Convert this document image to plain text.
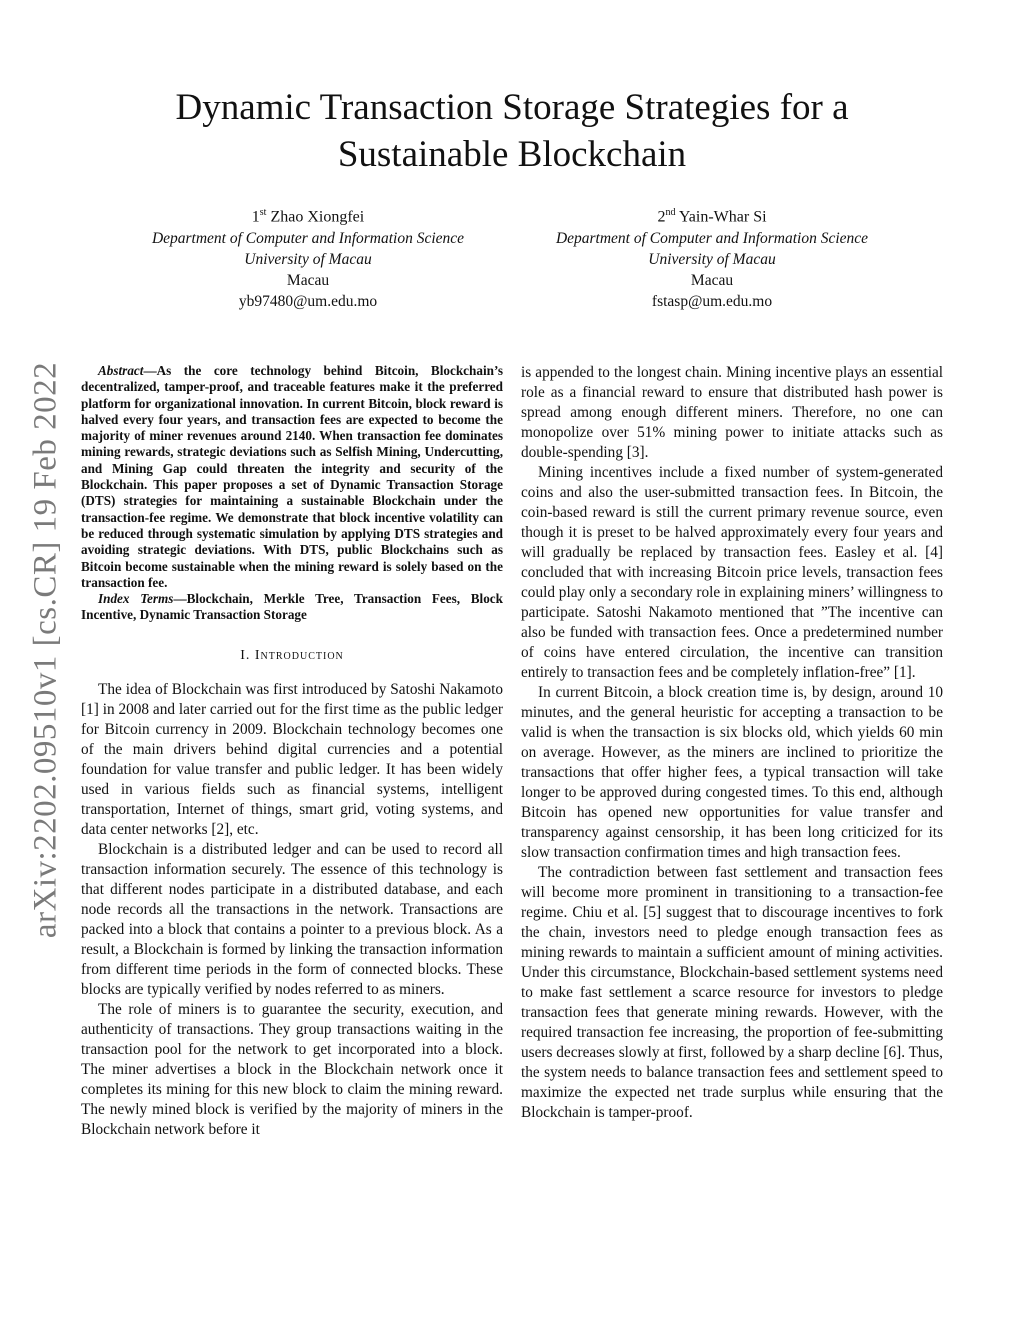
arXiv:2202.09510v1 [cs.CR] 19 Feb 2022
Dynamic Transaction Storage Strategies for a Sustainable Blockchain
1st Zhao Xiongfei
Department of Computer and Information Science
University of Macau
Macau
yb97480@um.edu.mo
2nd Yain-Whar Si
Department of Computer and Information Science
University of Macau
Macau
fstasp@um.edu.mo

Abstract—As the core technology behind Bitcoin, Blockchain’s decentralized, tamper-proof, and traceable features make it the preferred platform for organizational innovation. In current Bitcoin, block reward is halved every four years, and transaction fees are expected to become the majority of miner revenues around 2140. When transaction fee dominates mining rewards, strategic deviations such as Selfish Mining, Undercutting, and Mining Gap could threaten the integrity and security of the Blockchain. This paper proposes a set of Dynamic Transaction Storage (DTS) strategies for maintaining a sustainable Blockchain under the transaction-fee regime. We demonstrate that block incentive volatility can be reduced through systematic simulation by applying DTS strategies and avoiding strategic deviations. With DTS, public Blockchains such as Bitcoin become sustainable when the mining reward is solely based on the transaction fee.

Index Terms—Blockchain, Merkle Tree, Transaction Fees, Block Incentive, Dynamic Transaction Storage

I. Introduction

The idea of Blockchain was first introduced by Satoshi Nakamoto [1] in 2008 and later carried out for the first time as the public ledger for Bitcoin currency in 2009. Blockchain technology becomes one of the main drivers behind digital currencies and a potential foundation for value transfer and public ledger. It has been widely used in various fields such as financial systems, intelligent transportation, Internet of things, smart grid, voting systems, and data center networks [2], etc.

Blockchain is a distributed ledger and can be used to record all transaction information securely. The essence of this technology is that different nodes participate in a distributed database, and each node records all the transactions in the network. Transactions are packed into a block that contains a pointer to a previous block. As a result, a Blockchain is formed by linking the transaction information from different time periods in the form of connected blocks. These blocks are typically verified by nodes referred to as miners.

The role of miners is to guarantee the security, execution, and authenticity of transactions. They group transactions waiting in the transaction pool for the network to get incorporated into a block. The miner advertises a block in the Blockchain network once it completes its mining for this new block to claim the mining reward. The newly mined block is verified by the majority of miners in the Blockchain network before it

is appended to the longest chain. Mining incentive plays an essential role as a financial reward to ensure that distributed hash power is spread among enough different miners. Therefore, no one can monopolize over 51% mining power to initiate attacks such as double-spending [3].

Mining incentives include a fixed number of system-generated coins and also the user-submitted transaction fees. In Bitcoin, the coin-based reward is still the current primary revenue source, even though it is preset to be halved approximately every four years and will gradually be replaced by transaction fees. Easley et al. [4] concluded that with increasing Bitcoin price levels, transaction fees could play only a secondary role in explaining miners’ willingness to participate. Satoshi Nakamoto mentioned that ”The incentive can also be funded with transaction fees. Once a predetermined number of coins have entered circulation, the incentive can transition entirely to transaction fees and be completely inflation-free” [1].

In current Bitcoin, a block creation time is, by design, around 10 minutes, and the general heuristic for accepting a transaction to be valid is when the transaction is six blocks old, which yields 60 min on average. However, as the miners are inclined to prioritize the transactions that offer higher fees, a typical transaction will take longer to be approved during congested times. To this end, although Bitcoin has opened new opportunities for value transfer and transparency against censorship, it has been long criticized for its slow transaction confirmation times and high transaction fees.

The contradiction between fast settlement and transaction fees will become more prominent in transitioning to a transaction-fee regime. Chiu et al. [5] suggest that to discourage incentives to fork the chain, investors need to pledge enough transaction fees as mining rewards to maintain a sufficient amount of mining activities. Under this circumstance, Blockchain-based settlement systems need to make fast settlement a scarce resource for investors to pledge transaction fees that generate mining rewards. However, with the required transaction fee increasing, the proportion of fee-submitting users decreases slowly at first, followed by a sharp decline [6]. Thus, the system needs to balance transaction fees and settlement speed to maximize the expected net trade surplus while ensuring that the Blockchain is tamper-proof.
